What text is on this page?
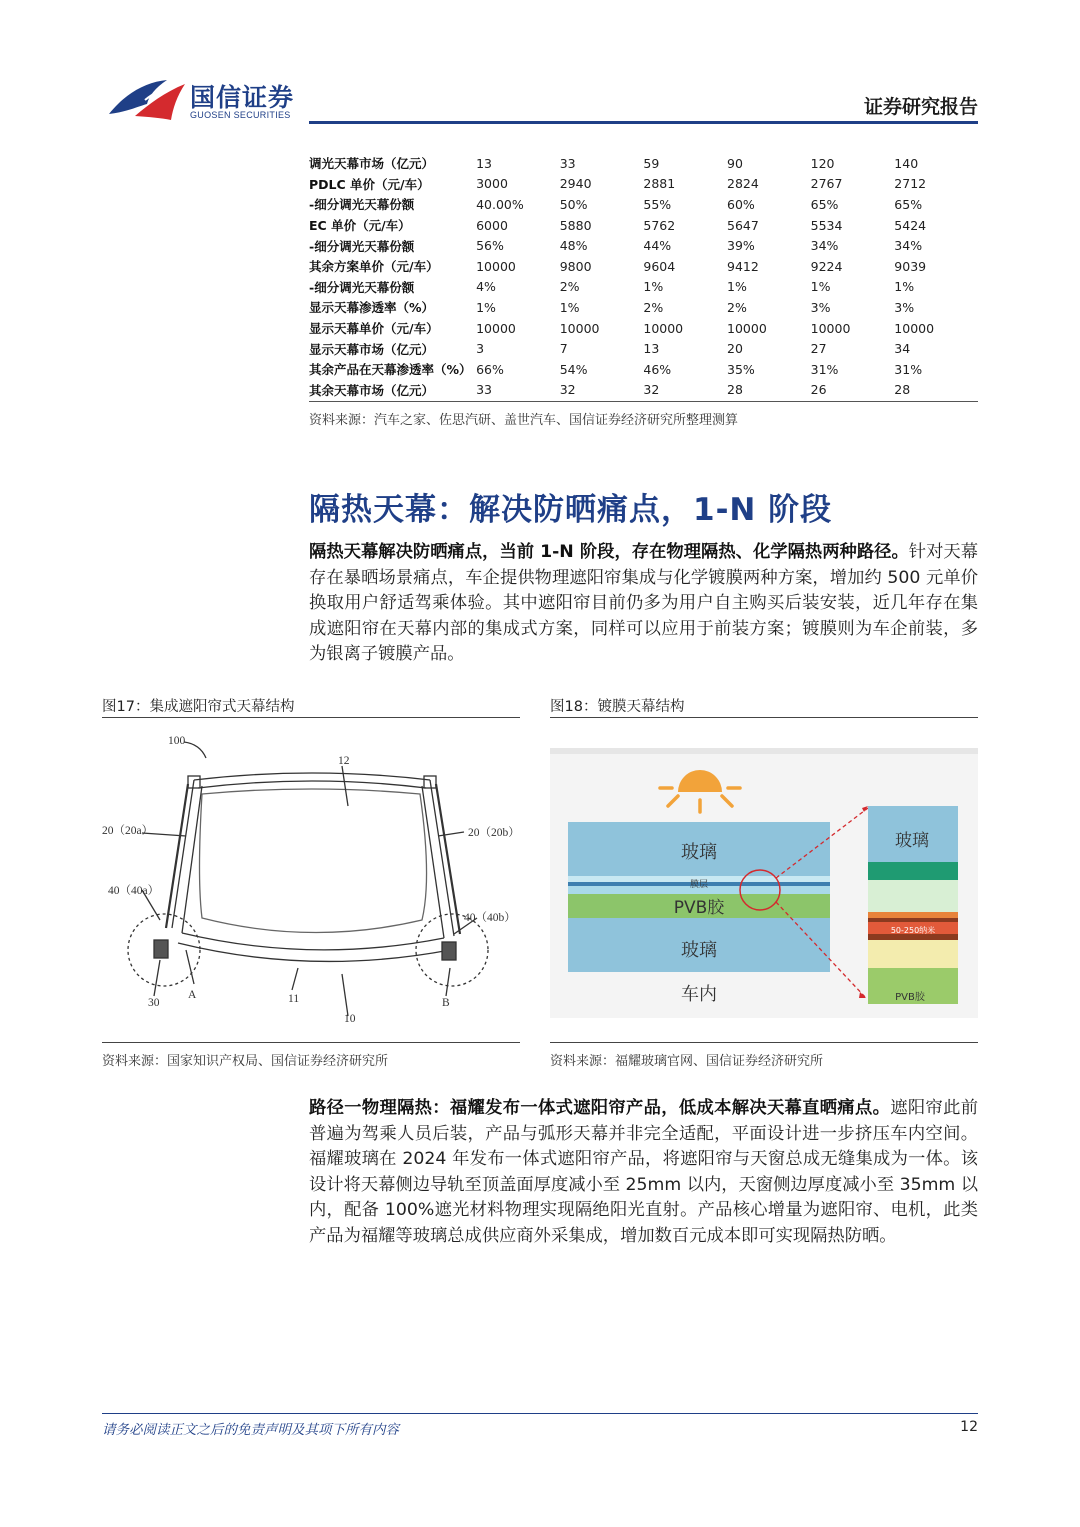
国信证券
GUOSEN SECURITIES	证券研究报告
调光天幕市场（亿元）	13	33	59	90	120	140
PDLC 单价（元/车）	3000	2940	2881	2824	2767	2712
-细分调光天幕份额	40.00%	50%	55%	60%	65%	65%
EC 单价（元/车）	6000	5880	5762	5647	5534	5424
-细分调光天幕份额	56%	48%	44%	39%	34%	34%
其余方案单价（元/车）	10000	9800	9604	9412	9224	9039
-细分调光天幕份额	4%	2%	1%	1%	1%	1%
显示天幕渗透率（%）	1%	1%	2%	2%	3%	3%
显示天幕单价（元/车）	10000	10000	10000	10000	10000	10000
显示天幕市场（亿元）	3	7	13	20	27	34
其余产品在天幕渗透率（%）	66%	54%	46%	35%	31%	31%
其余天幕市场（亿元）	33	32	32	28	26	28
资料来源：汽车之家、佐思汽研、盖世汽车、国信证券经济研究所整理测算
隔热天幕：解决防晒痛点，1-N 阶段
隔热天幕解决防晒痛点，当前 1-N 阶段，存在物理隔热、化学隔热两种路径。针对天幕存在暴晒场景痛点，车企提供物理遮阳帘集成与化学镀膜两种方案，增加约 500 元单价换取用户舒适驾乘体验。其中遮阳帘目前仍多为用户自主购买后装安装，近几年存在集成遮阳帘在天幕内部的集成式方案，同样可以应用于前装方案；镀膜则为车企前装，多为银离子镀膜产品。
图17：集成遮阳帘式天幕结构
100
12
20（20a）	20（20b）
40（40a）
40（40b）
30
A	11	B
10
资料来源：国家知识产权局、国信证券经济研究所
图18：镀膜天幕结构
玻璃
膜层
PVB胶
玻璃
车内
玻璃
50-250纳米
PVB胶
资料来源：福耀玻璃官网、国信证券经济研究所
路径一物理隔热：福耀发布一体式遮阳帘产品，低成本解决天幕直晒痛点。遮阳帘此前普遍为驾乘人员后装，产品与弧形天幕并非完全适配，平面设计进一步挤压车内空间。福耀玻璃在 2024 年发布一体式遮阳帘产品，将遮阳帘与天窗总成无缝集成为一体。该设计将天幕侧边导轨至顶盖面厚度减小至 25mm 以内，天窗侧边厚度减小至 35mm 以内，配备 100%遮光材料物理实现隔绝阳光直射。产品核心增量为遮阳帘、电机，此类产品为福耀等玻璃总成供应商外采集成，增加数百元成本即可实现隔热防晒。
请务必阅读正文之后的免责声明及其项下所有内容	12
